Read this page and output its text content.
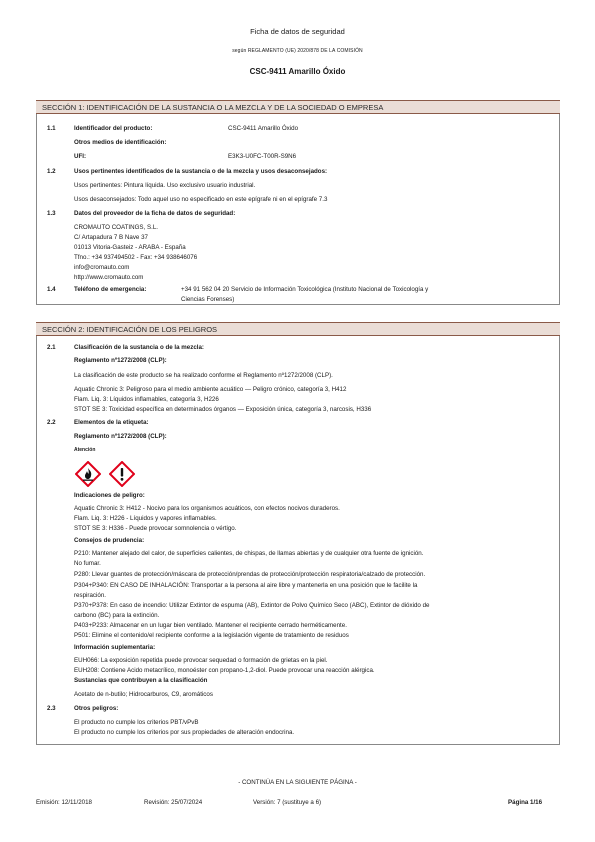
Ficha de datos de seguridad
según REGLAMENTO (UE) 2020/878 DE LA COMISIÓN
CSC-9411 Amarillo Óxido
SECCIÓN 1: IDENTIFICACIÓN DE LA SUSTANCIA O LA MEZCLA Y DE LA SOCIEDAD O EMPRESA
1.1	Identificador del producto:	CSC-9411 Amarillo Óxido
Otros medios de identificación:
UFI:	E3K3-U0FC-T00R-S9N6
1.2	Usos pertinentes identificados de la sustancia o de la mezcla y usos desaconsejados:
Usos pertinentes: Pintura líquida. Uso exclusivo usuario industrial.
Usos desaconsejados: Todo aquel uso no especificado en este epígrafe ni en el epígrafe 7.3
1.3	Datos del proveedor de la ficha de datos de seguridad:
CROMAUTO COATINGS, S.L.
C/ Artapadura 7 B Nave 37
01013 Vitoria-Gasteiz - ARABA - España
Tfno.: +34 937494502 - Fax: +34 938646076
info@cromauto.com
http://www.cromauto.com
1.4	Teléfono de emergencia:	+34 91 562 04 20 Servicio de Información Toxicológica (Instituto Nacional de Toxicología y
Ciencias Forenses)
SECCIÓN 2: IDENTIFICACIÓN DE LOS PELIGROS
2.1	Clasificación de la sustancia o de la mezcla:
Reglamento nº1272/2008 (CLP):
La clasificación de este producto se ha realizado conforme el Reglamento nº1272/2008 (CLP).
Aquatic Chronic 3: Peligroso para el medio ambiente acuático — Peligro crónico, categoría 3, H412
Flam. Liq. 3: Líquidos inflamables, categoría 3, H226
STOT SE 3: Toxicidad específica en determinados órganos — Exposición única, categoría 3, narcosis, H336
2.2	Elementos de la etiqueta:
Reglamento nº1272/2008 (CLP):
Atención
Indicaciones de peligro:
Aquatic Chronic 3: H412 - Nocivo para los organismos acuáticos, con efectos nocivos duraderos.
Flam. Liq. 3: H226 - Líquidos y vapores inflamables.
STOT SE 3: H336 - Puede provocar somnolencia o vértigo.
Consejos de prudencia:
P210: Mantener alejado del calor, de superficies calientes, de chispas, de llamas abiertas y de cualquier otra fuente de ignición.
No fumar.
P280: Llevar guantes de protección/máscara de protección/prendas de protección/protección respiratoria/calzado de protección.
P304+P340: EN CASO DE INHALACIÓN: Transportar a la persona al aire libre y mantenerla en una posición que le facilite la
respiración.
P370+P378: En caso de incendio: Utilizar Extintor de espuma (AB), Extintor de Polvo Químico Seco (ABC), Extintor de dióxido de
carbono (BC) para la extinción.
P403+P233: Almacenar en un lugar bien ventilado. Mantener el recipiente cerrado herméticamente.
P501: Elimine el contenido/el recipiente conforme a la legislación vigente de tratamiento de residuos
Información suplementaria:
EUH066: La exposición repetida puede provocar sequedad o formación de grietas en la piel.
EUH208: Contiene Acido metacrílico, monoéster con propano-1,2-diol. Puede provocar una reacción alérgica.
Sustancias que contribuyen a la clasificación
Acetato de n-butilo; Hidrocarburos, C9, aromáticos
2.3	Otros peligros:
El producto no cumple los criterios PBT/vPvB
El producto no cumple los criterios por sus propiedades de alteración endocrina.
- CONTINÚA EN LA SIGUIENTE PÁGINA -
Emisión: 12/11/2018	Revisión: 25/07/2024	Versión: 7 (sustituye a 6)	Página 1/16
